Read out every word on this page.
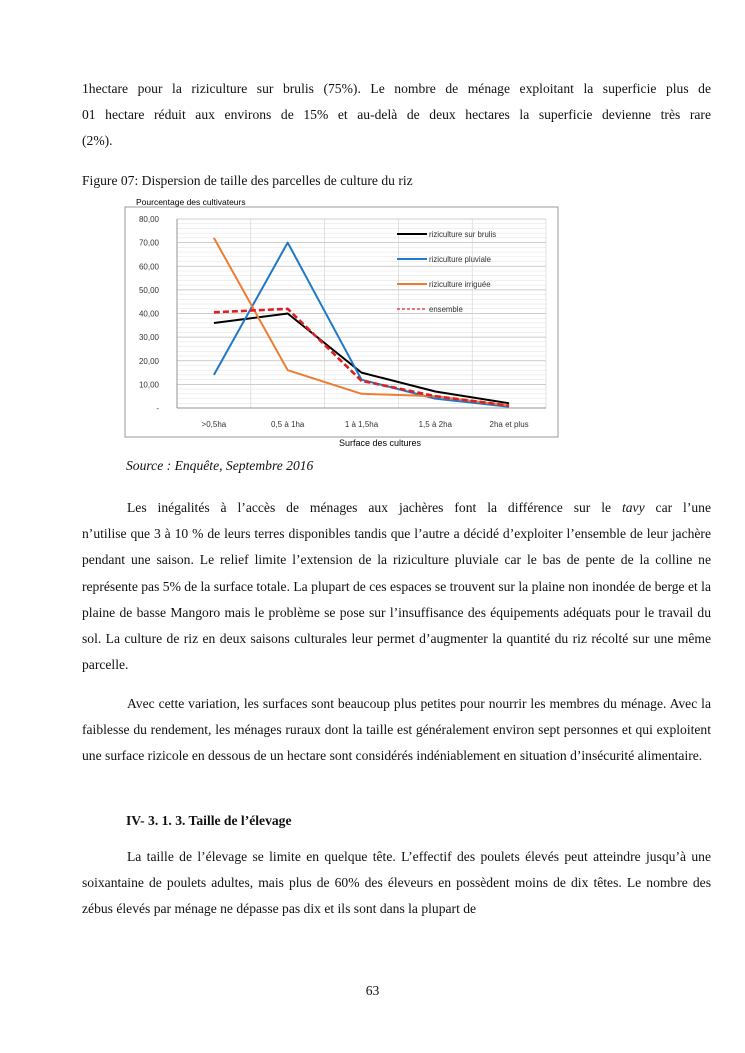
1hectare pour la riziculture sur brulis (75%). Le nombre de ménage exploitant la superficie plus de
01 hectare réduit aux environs de 15% et au-delà de deux hectares la superficie devienne très rare
(2%).

Figure 07: Dispersion de taille des parcelles de culture du riz

-
10,00
20,00
30,00
40,00
50,00
60,00
70,00
80,00
>0,5ha	0,5 à 1ha	1 à 1,5ha	1,5 à 2ha	2ha et plus
riziculture sur brulis
riziculture pluviale
riziculture irriguée
ensemble
Pourcentage des cultivateurs
Surface des cultures

Source : Enquête, Septembre 2016

Les inégalités à l’accès de ménages aux jachères font la différence sur le tavy car l’une
n’utilise que 3 à 10 % de leurs terres disponibles tandis que l’autre a décidé d’exploiter l’ensemble de leur jachère pendant une saison. Le relief limite l’extension de la riziculture pluviale car le bas de pente de la colline ne représente pas 5% de la surface totale. La plupart de ces espaces se trouvent sur la plaine non inondée de berge et la plaine de basse Mangoro mais le problème se pose sur l’insuffisance des équipements adéquats pour le travail du sol. La culture de riz en deux saisons culturales leur permet d’augmenter la quantité du riz récolté sur une même parcelle.

Avec cette variation, les surfaces sont beaucoup plus petites pour nourrir les membres du ménage. Avec la faiblesse du rendement, les ménages ruraux dont la taille est généralement environ sept personnes et qui exploitent une surface rizicole en dessous de un hectare sont considérés indéniablement en situation d’insécurité alimentaire.

IV- 3. 1. 3. Taille de l’élevage

La taille de l’élevage se limite en quelque tête. L’effectif des poulets élevés peut atteindre jusqu’à une soixantaine de poulets adultes, mais plus de 60% des éleveurs en possèdent moins de dix têtes. Le nombre des zébus élevés par ménage ne dépasse pas dix et ils sont dans la plupart de

63
